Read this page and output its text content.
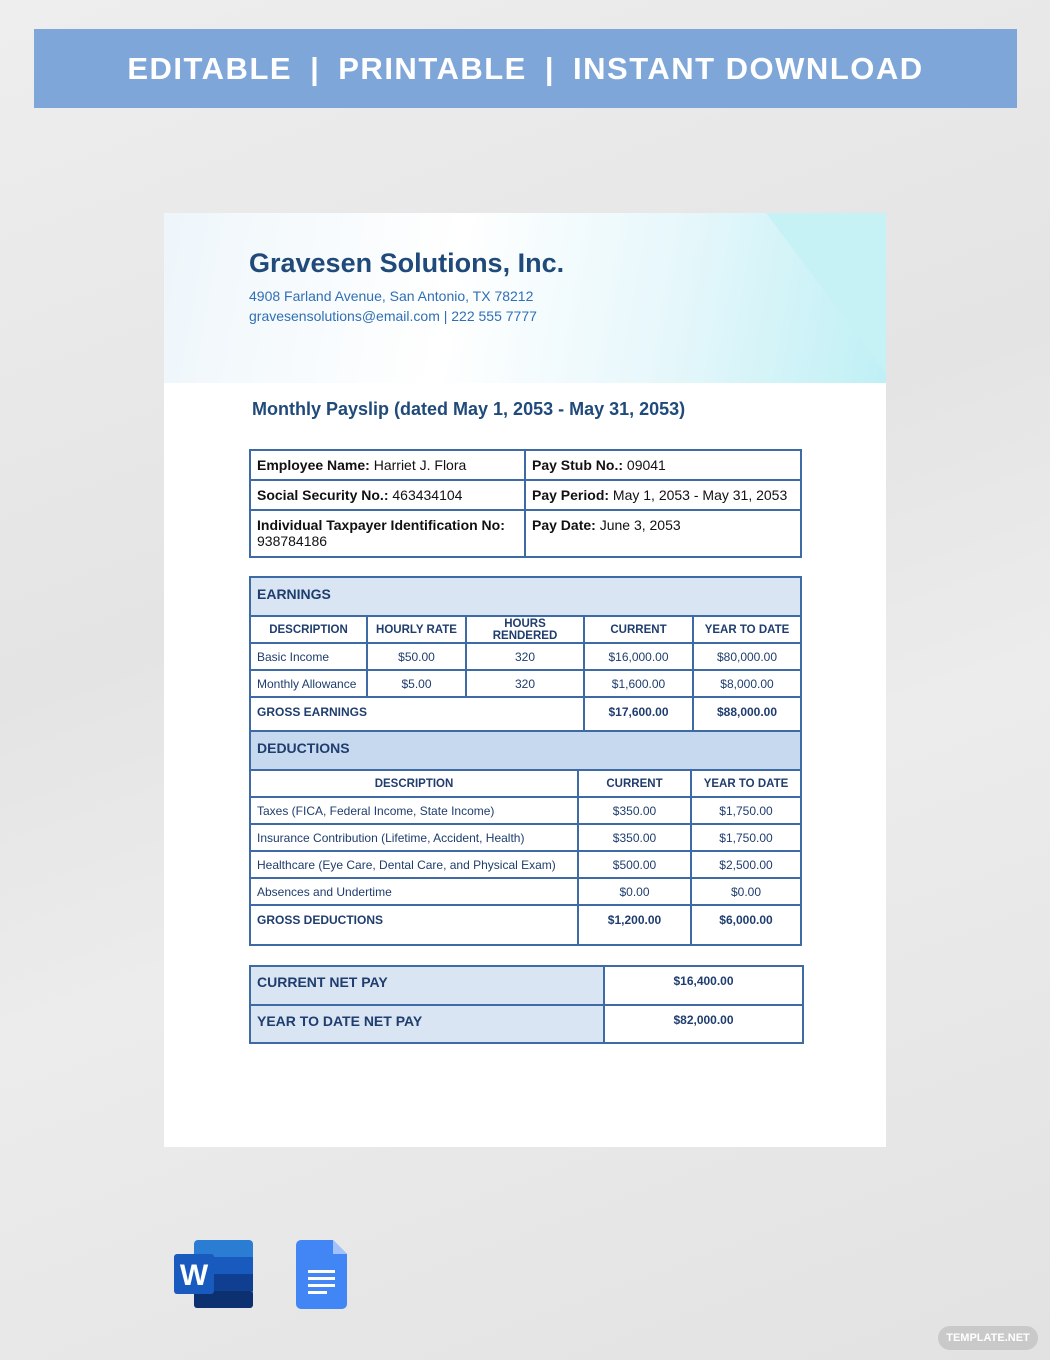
EDITABLE | PRINTABLE | INSTANT DOWNLOAD
Gravesen Solutions, Inc.
4908 Farland Avenue, San Antonio, TX 78212
gravesensolutions@email.com | 222 555 7777
Monthly Payslip (dated May 1, 2053 - May 31, 2053)
Employee Name: Harriet J. Flora	Pay Stub No.: 09041
Social Security No.: 463434104	Pay Period: May 1, 2053 - May 31, 2053
Individual Taxpayer Identification No:
938784186	Pay Date: June 3, 2053
EARNINGS				
DESCRIPTION	HOURLY RATE	HOURS RENDERED	CURRENT	YEAR TO DATE
Basic Income	$50.00	320	$16,000.00	$80,000.00
Monthly Allowance	$5.00	320	$1,600.00	$8,000.00
GROSS EARNINGS			$17,600.00	$88,000.00
DEDUCTIONS		
DESCRIPTION	CURRENT	YEAR TO DATE
Taxes (FICA, Federal Income, State Income)	$350.00	$1,750.00
Insurance Contribution (Lifetime, Accident, Health)	$350.00	$1,750.00
Healthcare (Eye Care, Dental Care, and Physical Exam)	$500.00	$2,500.00
Absences and Undertime	$0.00	$0.00
GROSS DEDUCTIONS	$1,200.00	$6,000.00
CURRENT NET PAY	$16,400.00
YEAR TO DATE NET PAY	$82,000.00
W
TEMPLATE.NET
